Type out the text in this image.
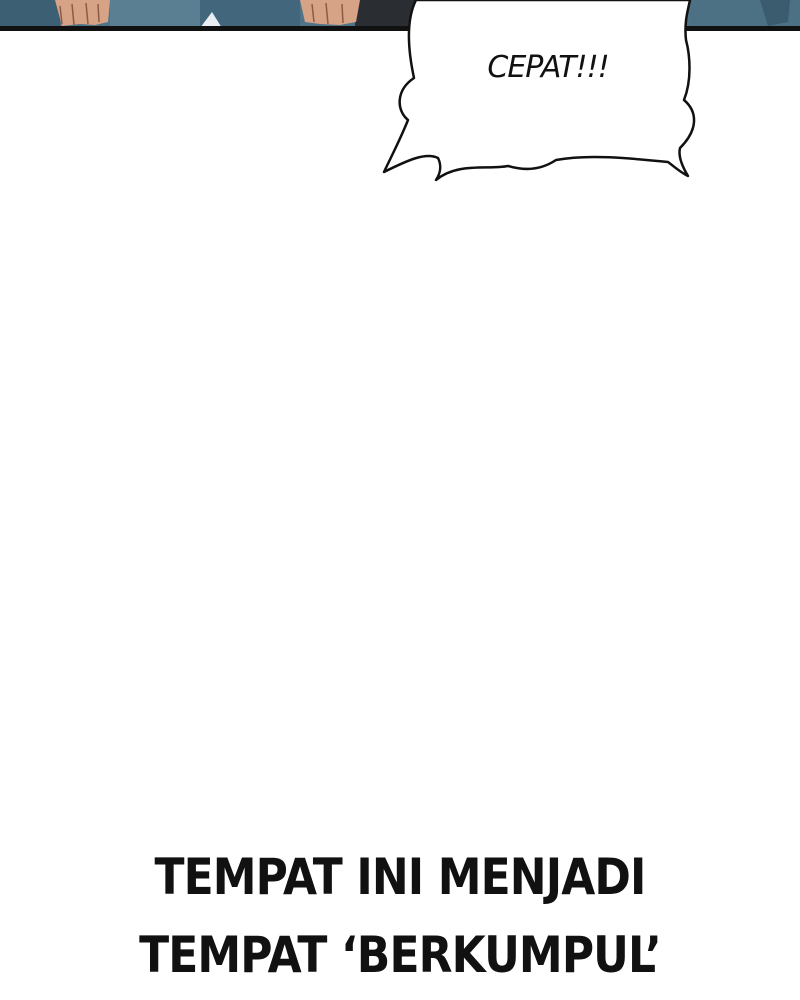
CEPAT!!!
TEMPAT INI MENJADI
TEMPAT ‘BERKUMPUL’
